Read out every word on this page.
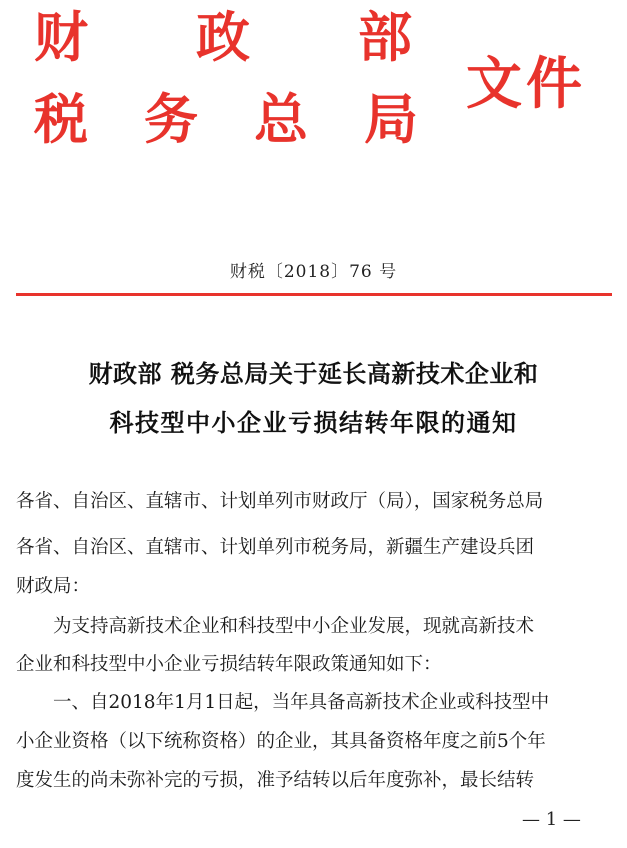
财政部
税务总局
文件
财税〔2018〕76 号
财政部 税务总局关于延长高新技术企业和
科技型中小企业亏损结转年限的通知
各省、自治区、直辖市、计划单列市财政厅（局），国家税务总局
各省、自治区、直辖市、计划单列市税务局，新疆生产建设兵团
财政局：
为支持高新技术企业和科技型中小企业发展，现就高新技术
企业和科技型中小企业亏损结转年限政策通知如下：
一、自2018年1月1日起，当年具备高新技术企业或科技型中
小企业资格（以下统称资格）的企业，其具备资格年度之前5个年
度发生的尚未弥补完的亏损，准予结转以后年度弥补，最长结转
— 1 —
